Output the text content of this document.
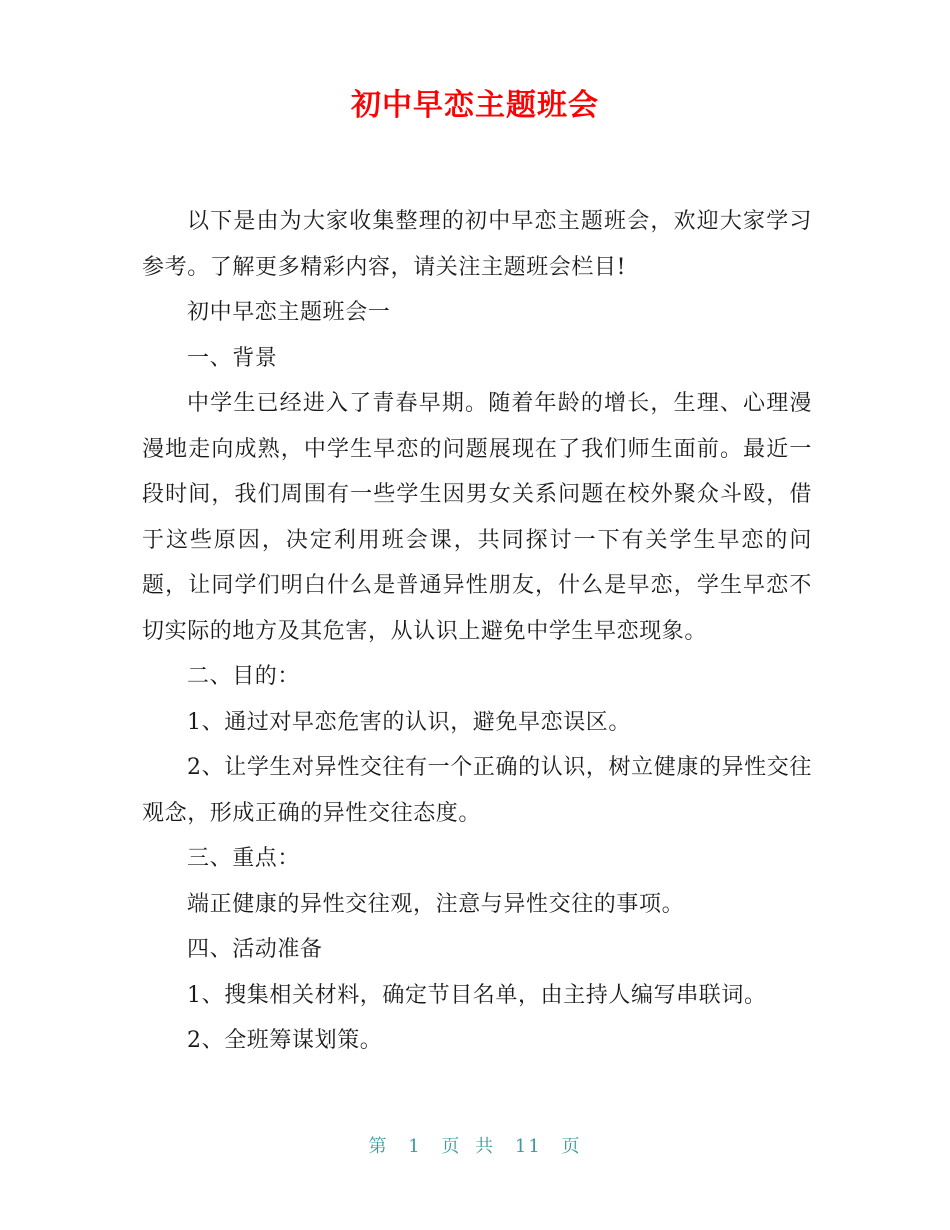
初中早恋主题班会

以下是由为大家收集整理的初中早恋主题班会，欢迎大家学习参考。了解更多精彩内容，请关注主题班会栏目!

初中早恋主题班会一

一、背景

中学生已经进入了青春早期。随着年龄的增长，生理、心理漫漫地走向成熟，中学生早恋的问题展现在了我们师生面前。最近一段时间，我们周围有一些学生因男女关系问题在校外聚众斗殴，借于这些原因，决定利用班会课，共同探讨一下有关学生早恋的问题，让同学们明白什么是普通异性朋友，什么是早恋，学生早恋不切实际的地方及其危害，从认识上避免中学生早恋现象。

二、目的：

1、通过对早恋危害的认识，避免早恋误区。

2、让学生对异性交往有一个正确的认识，树立健康的异性交往观念，形成正确的异性交往态度。

三、重点：

端正健康的异性交往观，注意与异性交往的事项。

四、活动准备

1、搜集相关材料，确定节目名单，由主持人编写串联词。

2、全班筹谋划策。

第 1 页 共 11 页
